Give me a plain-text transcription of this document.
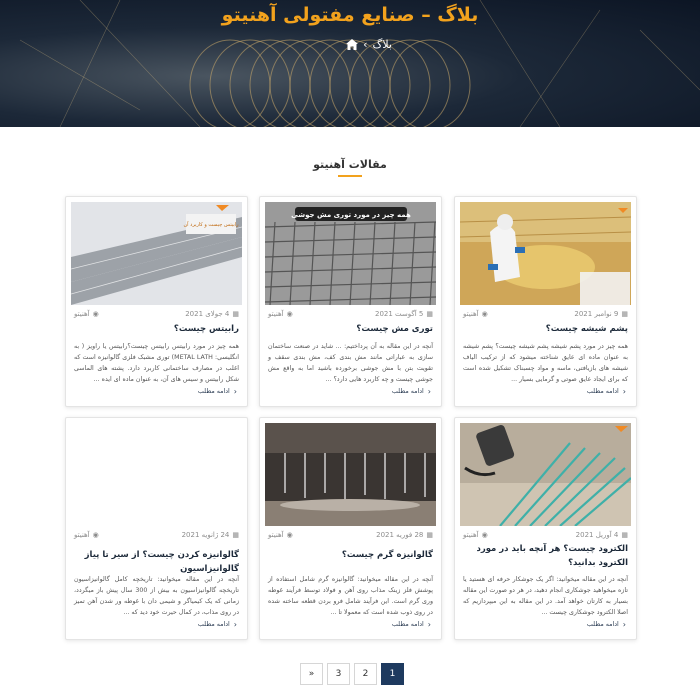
بلاگ – صنایع مفتولی آهنیتو
بلاگ
›
مقالات آهنیتو
▦
9 نوامبر 2021
◉
آهنیتو
پشم شیشه چیست؟
همه چیز در مورد پشم شیشه پشم شیشه چیست؟ پشم شیشه به عنوان ماده ای عایق شناخته میشود که از ترکیب الیاف شیشه های بازیافتی، ماسه و مواد چسبناک تشکیل شده است که برای ایجاد عایق صوتی و گرمایی بسیار ...
‹
ادامه مطلب
همه چیز در مورد توری مش جوشی
▦
5 آگوست 2021
◉
آهنیتو
توری مش چیست؟
آنچه در این مقاله به آن پرداختیم: ... شاید در صنعت ساختمان سازی به عباراتی مانند مش بندی کف، مش بندی سقف و تقویت بتن با مش جوشی برخورده باشید اما به واقع مش جوشی چیست و چه کاربرد هایی دارد؟ ...
‹
ادامه مطلب
رابیتس چیست و کاربرد آن
▦
4 جولای 2021
◉
آهنیتو
رابیتس چیست؟
همه چیز در مورد رابیتس رابیتس چیست؟رابیتس یا راویز ( به انگلیسی: METAL LATH) توری مشبک فلزی گالوانیزه است که اغلب در مصارف ساختمانی کاربرد دارد. پشته های الماسی شکل رابیتس و سیس های آن، به عنوان ماده ای ایده ...
‹
ادامه مطلب
▦
4 آوریل 2021
◉
آهنیتو
الکترود چیست؟ هر آنچه باید در مورد الکترود بدانید؟
آنچه در این مقاله میخوانید: اگر یک جوشکار حرفه ای هستید یا تازه میخواهید جوشکاری انجام دهید، در هر دو صورت این مقاله بسیار به کارتان خواهد آمد. در این مقاله به این میپردازیم که اصلا الکترود جوشکاری چیست ...
‹
ادامه مطلب
▦
28 فوریه 2021
◉
آهنیتو
گالوانیزه گرم چیست؟
آنچه در این مقاله میخوانید: گالوانیزه گرم شامل استفاده از پوشش فلز زینک مذاب روی آهن و فولاد توسط فرآیند غوطه وری گرم است. این فرآیند شامل فرو بردن قطعه ساخته شده در روی ذوب شده است که معمولا تا ...
‹
ادامه مطلب
▦
24 ژانویه 2021
◉
آهنیتو
گالوانیزه کردن چیست؟ از سیر تا پیاز گالوانیزاسیون
آنچه در این مقاله میخوانید: تاریخچه کامل گالوانیزاسیون تاریخچه گالوانیزاسیون به بیش از 300 سال پیش باز میگردد، زمانی که یک کیمیاگر و شیمی دان با غوطه ور شدن آهن تمیز در روی مذاب، در کمال حیرت خود دید که ...
‹
ادامه مطلب
»	3	2	1
